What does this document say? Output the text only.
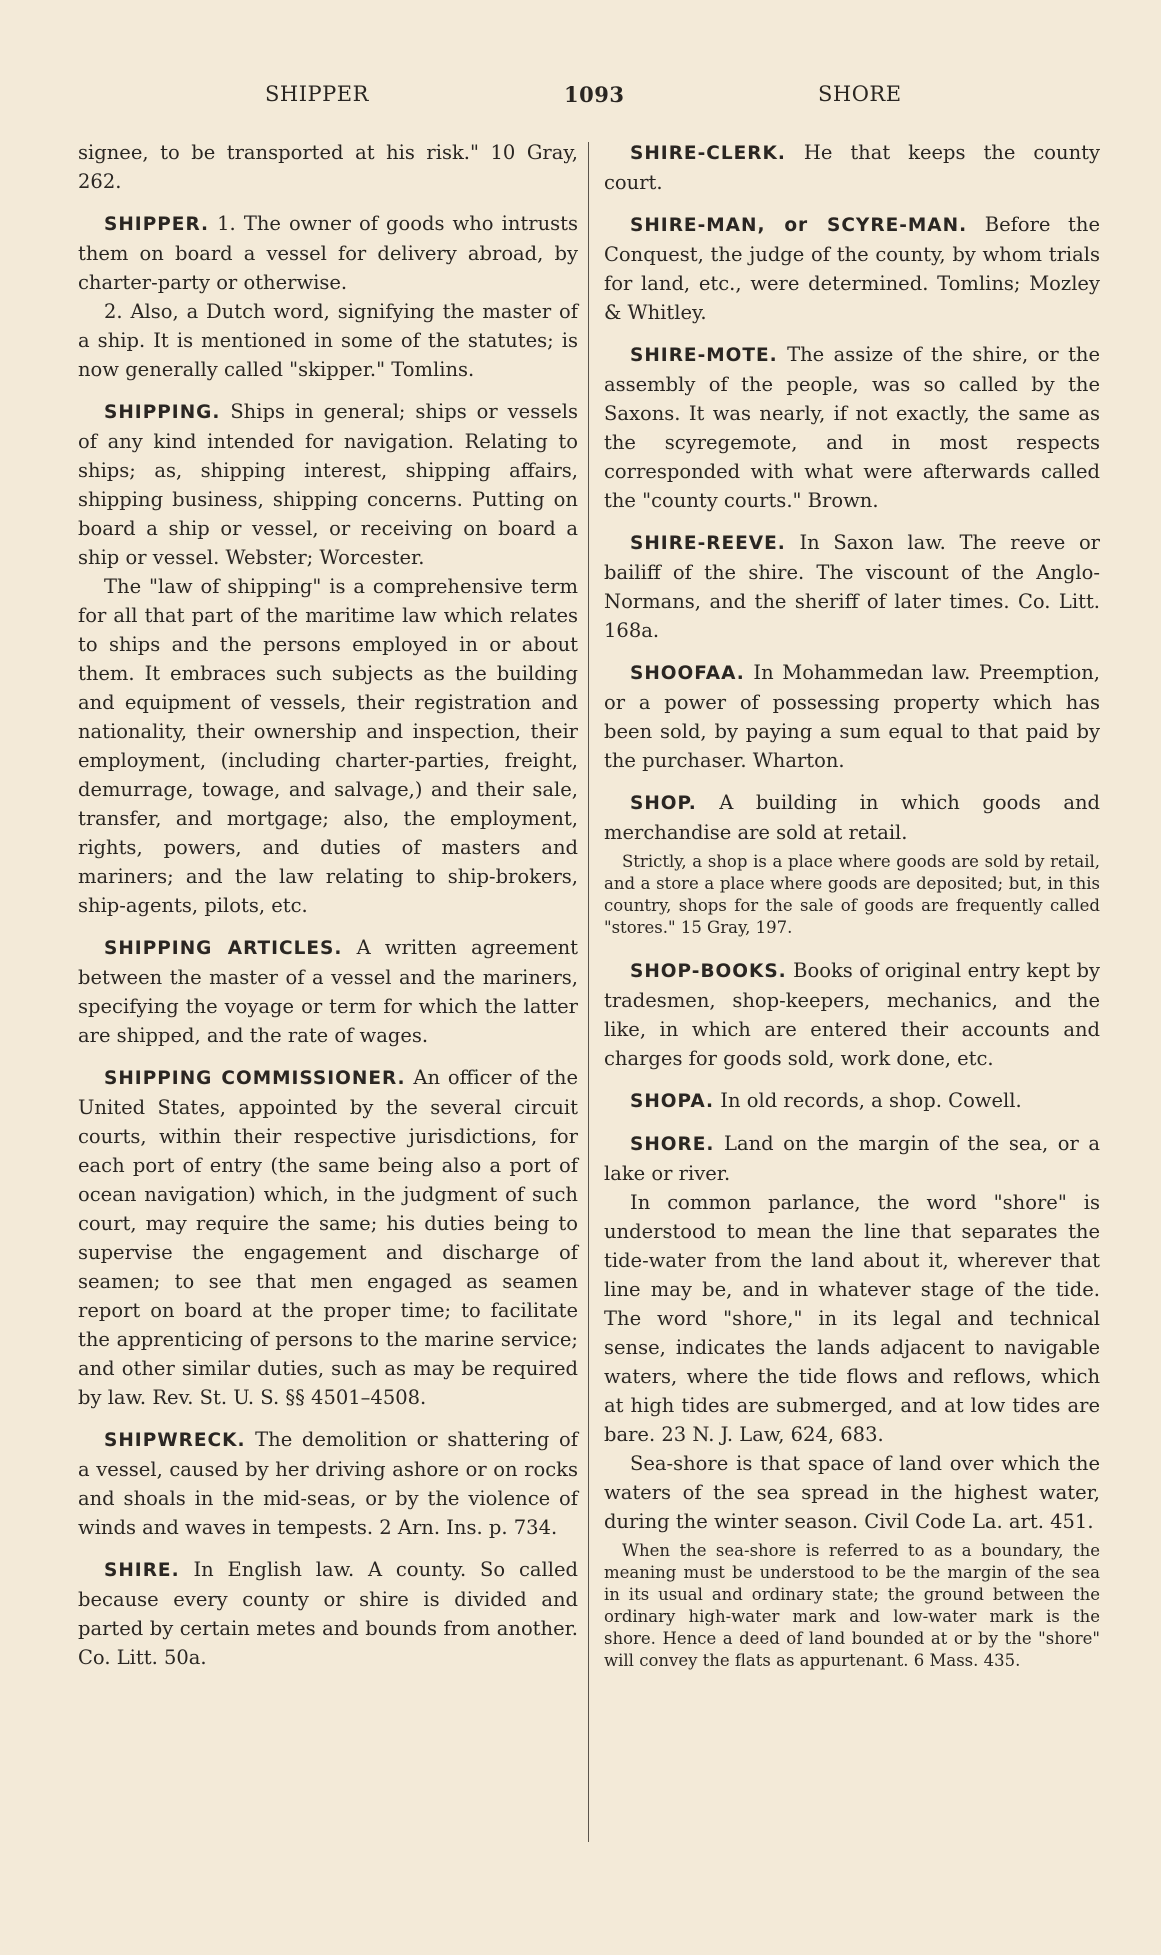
SHIPPER	1093	SHORE

signee, to be transported at his risk." 10 Gray, 262.

SHIPPER. 1. The owner of goods who intrusts them on board a vessel for delivery abroad, by charter-party or otherwise.

2. Also, a Dutch word, signifying the master of a ship. It is mentioned in some of the statutes; is now generally called "skipper." Tomlins.

SHIPPING. Ships in general; ships or vessels of any kind intended for navigation. Relating to ships; as, shipping interest, shipping affairs, shipping business, shipping concerns. Putting on board a ship or vessel, or receiving on board a ship or vessel. Webster; Worcester.

The "law of shipping" is a comprehensive term for all that part of the maritime law which relates to ships and the persons employed in or about them. It embraces such subjects as the building and equipment of vessels, their registration and nationality, their ownership and inspection, their employment, (including charter-parties, freight, demurrage, towage, and salvage,) and their sale, transfer, and mortgage; also, the employment, rights, powers, and duties of masters and mariners; and the law relating to ship-brokers, ship-agents, pilots, etc.

SHIPPING ARTICLES. A written agreement between the master of a vessel and the mariners, specifying the voyage or term for which the latter are shipped, and the rate of wages.

SHIPPING COMMISSIONER. An officer of the United States, appointed by the several circuit courts, within their respective jurisdictions, for each port of entry (the same being also a port of ocean navigation) which, in the judgment of such court, may require the same; his duties being to supervise the engagement and discharge of seamen; to see that men engaged as seamen report on board at the proper time; to facilitate the apprenticing of persons to the marine service; and other similar duties, such as may be required by law. Rev. St. U. S. §§ 4501–4508.

SHIPWRECK. The demolition or shattering of a vessel, caused by her driving ashore or on rocks and shoals in the mid-seas, or by the violence of winds and waves in tempests. 2 Arn. Ins. p. 734.

SHIRE. In English law. A county. So called because every county or shire is divided and parted by certain metes and bounds from another. Co. Litt. 50a.

SHIRE-CLERK. He that keeps the county court.

SHIRE-MAN, or SCYRE-MAN. Before the Conquest, the judge of the county, by whom trials for land, etc., were determined. Tomlins; Mozley & Whitley.

SHIRE-MOTE. The assize of the shire, or the assembly of the people, was so called by the Saxons. It was nearly, if not exactly, the same as the scyregemote, and in most respects corresponded with what were afterwards called the "county courts." Brown.

SHIRE-REEVE. In Saxon law. The reeve or bailiff of the shire. The viscount of the Anglo-Normans, and the sheriff of later times. Co. Litt. 168a.

SHOOFAA. In Mohammedan law. Preemption, or a power of possessing property which has been sold, by paying a sum equal to that paid by the purchaser. Wharton.

SHOP. A building in which goods and merchandise are sold at retail.

Strictly, a shop is a place where goods are sold by retail, and a store a place where goods are deposited; but, in this country, shops for the sale of goods are frequently called "stores." 15 Gray, 197.

SHOP-BOOKS. Books of original entry kept by tradesmen, shop-keepers, mechanics, and the like, in which are entered their accounts and charges for goods sold, work done, etc.

SHOPA. In old records, a shop. Cowell.

SHORE. Land on the margin of the sea, or a lake or river.

In common parlance, the word "shore" is understood to mean the line that separates the tide-water from the land about it, wherever that line may be, and in whatever stage of the tide. The word "shore," in its legal and technical sense, indicates the lands adjacent to navigable waters, where the tide flows and reflows, which at high tides are submerged, and at low tides are bare. 23 N. J. Law, 624, 683.

Sea-shore is that space of land over which the waters of the sea spread in the highest water, during the winter season. Civil Code La. art. 451.

When the sea-shore is referred to as a boundary, the meaning must be understood to be the margin of the sea in its usual and ordinary state; the ground between the ordinary high-water mark and low-water mark is the shore. Hence a deed of land bounded at or by the "shore" will convey the flats as appurtenant. 6 Mass. 435.
